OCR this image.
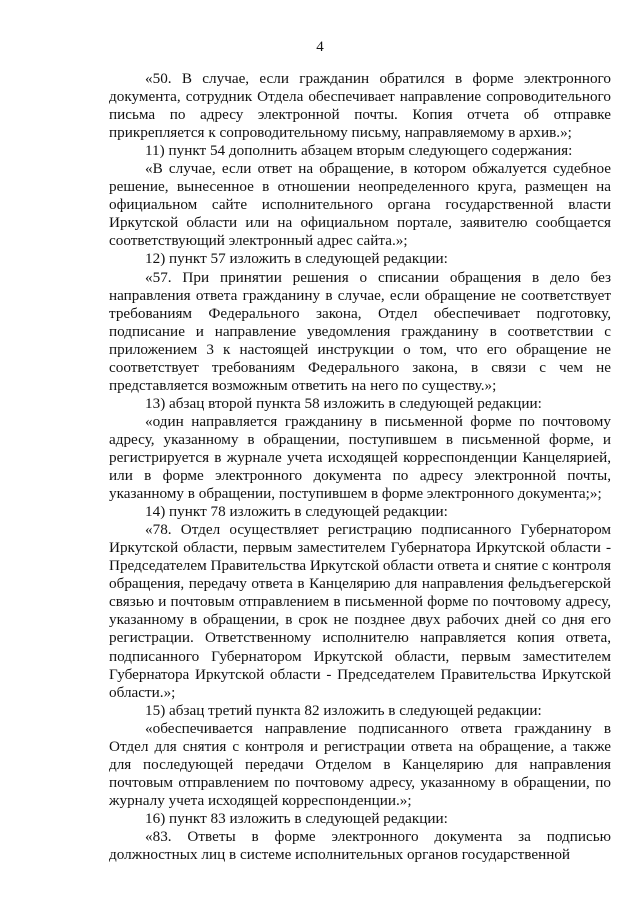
4

«50. В случае, если гражданин обратился в форме электронного документа, сотрудник Отдела обеспечивает направление сопроводительного письма по адресу электронной почты. Копия отчета об отправке прикрепляется к сопроводительному письму, направляемому в архив.»;

11) пункт 54 дополнить абзацем вторым следующего содержания:

«В случае, если ответ на обращение, в котором обжалуется судебное решение, вынесенное в отношении неопределенного круга, размещен на официальном сайте исполнительного органа государственной власти Иркутской области или на официальном портале, заявителю сообщается соответствующий электронный адрес сайта.»;

12) пункт 57 изложить в следующей редакции:

«57. При принятии решения о списании обращения в дело без направления ответа гражданину в случае, если обращение не соответствует требованиям Федерального закона, Отдел обеспечивает подготовку, подписание и направление уведомления гражданину в соответствии с приложением 3 к настоящей инструкции о том, что его обращение не соответствует требованиям Федерального закона, в связи с чем не представляется возможным ответить на него по существу.»;

13) абзац второй пункта 58 изложить в следующей редакции:

«один направляется гражданину в письменной форме по почтовому адресу, указанному в обращении, поступившем в письменной форме, и регистрируется в журнале учета исходящей корреспонденции Канцелярией, или в форме электронного документа по адресу электронной почты, указанному в обращении, поступившем в форме электронного документа;»;

14) пункт 78 изложить в следующей редакции:

«78. Отдел осуществляет регистрацию подписанного Губернатором Иркутской области, первым заместителем Губернатора Иркутской области - Председателем Правительства Иркутской области ответа и снятие с контроля обращения, передачу ответа в Канцелярию для направления фельдъегерской связью и почтовым отправлением в письменной форме по почтовому адресу, указанному в обращении, в срок не позднее двух рабочих дней со дня его регистрации. Ответственному исполнителю направляется копия ответа, подписанного Губернатором Иркутской области, первым заместителем Губернатора Иркутской области - Председателем Правительства Иркутской области.»;

15) абзац третий пункта 82 изложить в следующей редакции:

«обеспечивается направление подписанного ответа гражданину в Отдел для снятия с контроля и регистрации ответа на обращение, а также для последующей передачи Отделом в Канцелярию для направления почтовым отправлением по почтовому адресу, указанному в обращении, по журналу учета исходящей корреспонденции.»;

16) пункт 83 изложить в следующей редакции:

«83. Ответы в форме электронного документа за подписью должностных лиц в системе исполнительных органов государственной
